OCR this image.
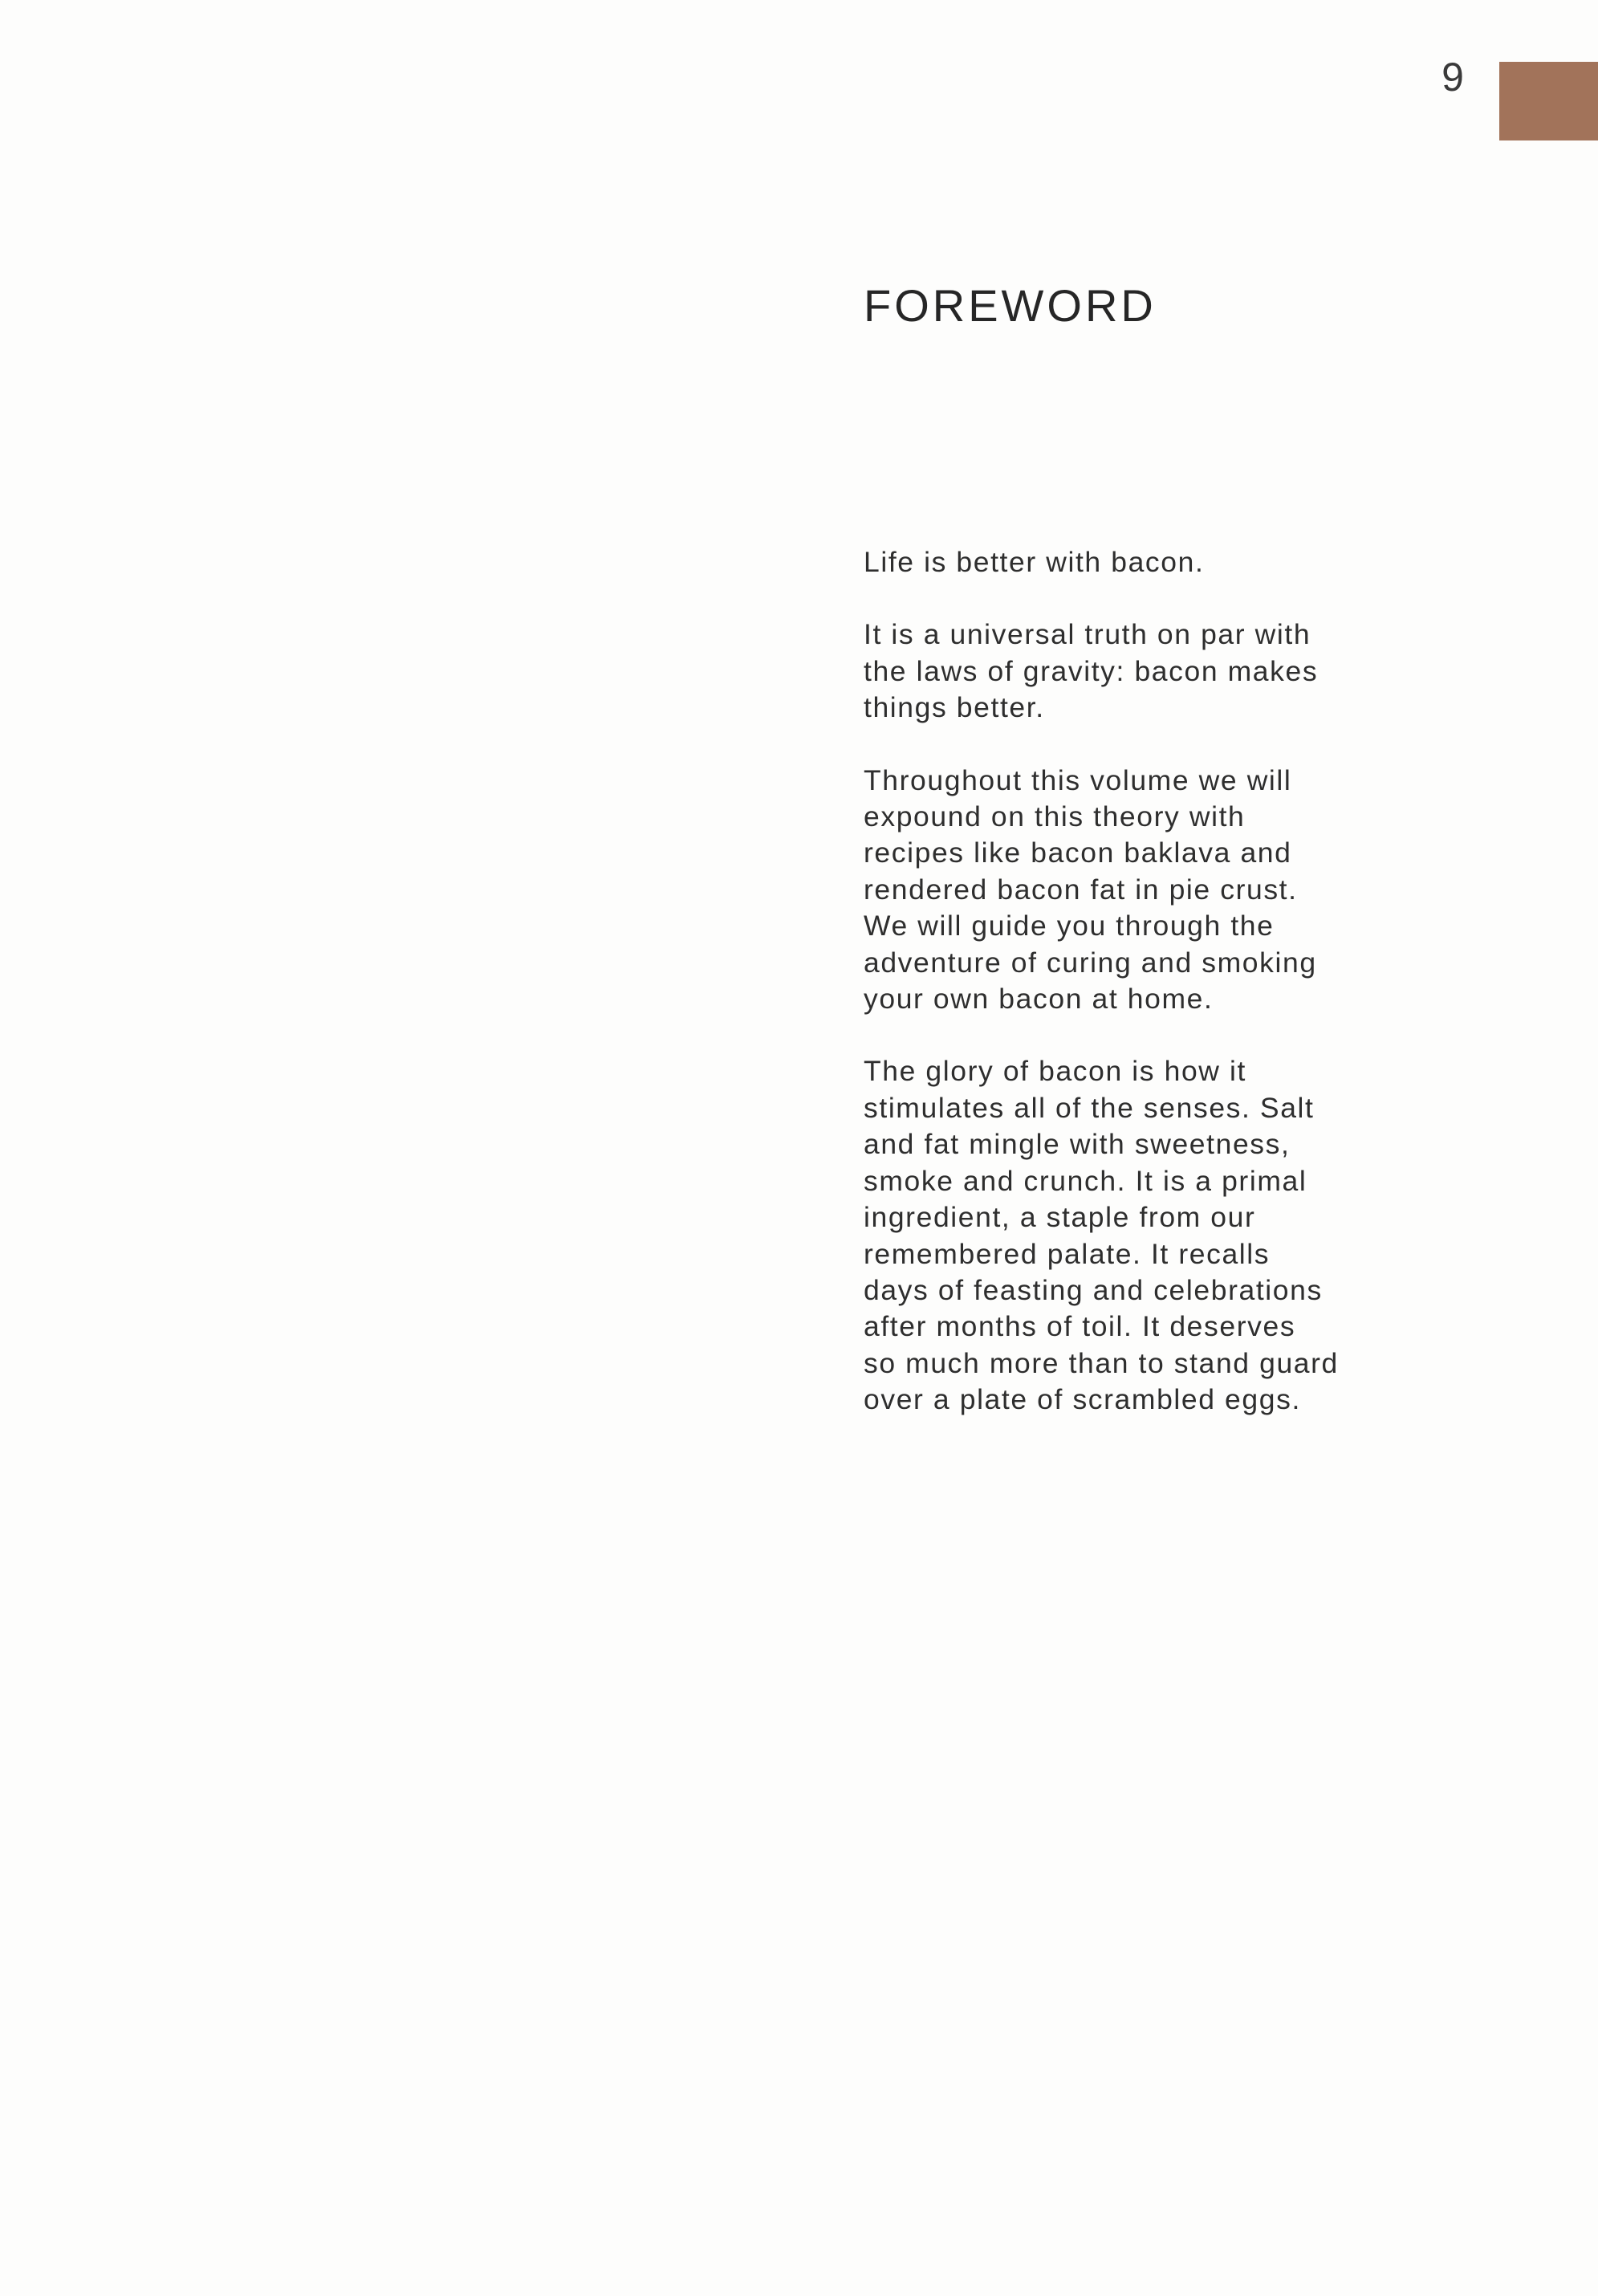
9
FOREWORD

Life is better with bacon.

It is a universal truth on par with
the laws of gravity: bacon makes
things better.

Throughout this volume we will
expound on this theory with
recipes like bacon baklava and
rendered bacon fat in pie crust.
We will guide you through the
adventure of curing and smoking
your own bacon at home.

The glory of bacon is how it
stimulates all of the senses. Salt
and fat mingle with sweetness,
smoke and crunch. It is a primal
ingredient, a staple from our
remembered palate. It recalls
days of feasting and celebrations
after months of toil. It deserves
so much more than to stand guard
over a plate of scrambled eggs.
